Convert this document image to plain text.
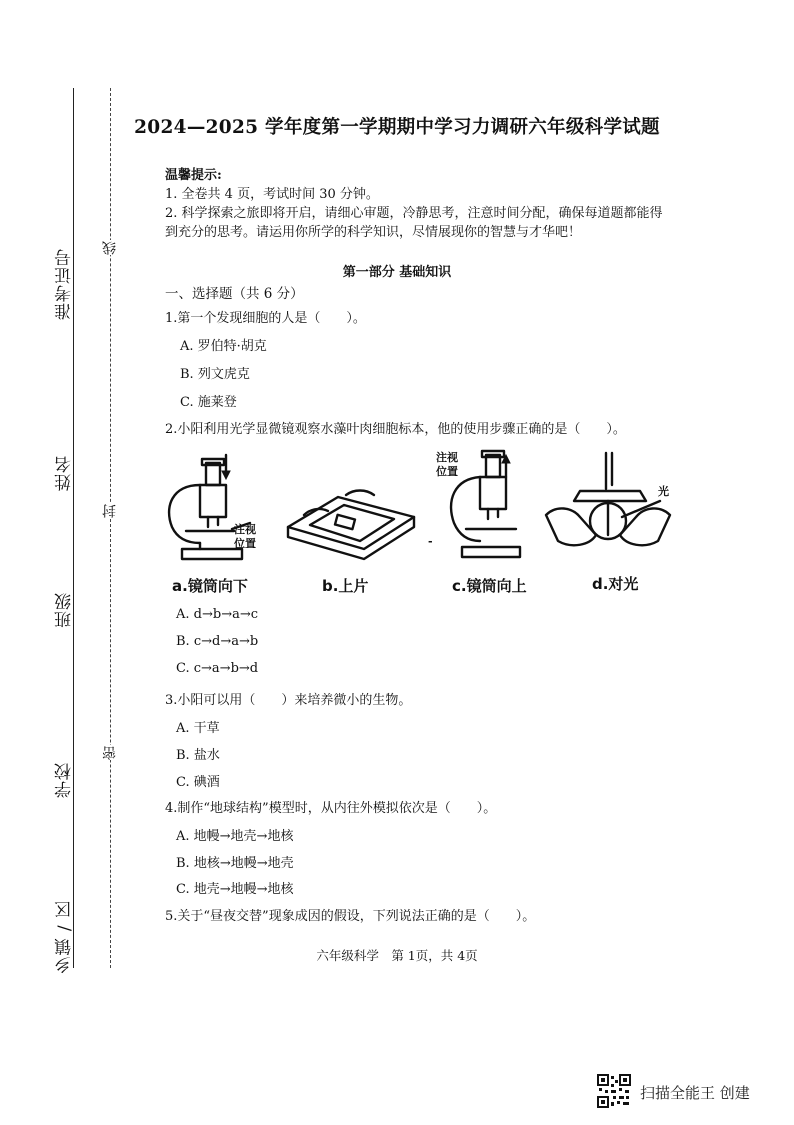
准考证号
姓名
班级
学校
乡镇 / 区
线
封
密
2024—2025 学年度第一学期期中学习力调研六年级科学试题
温馨提示:
1. 全卷共 4 页，考试时间 30 分钟。
2. 科学探索之旅即将开启，请细心审题，冷静思考，注意时间分配，确保每道题都能得
到充分的思考。请运用你所学的科学知识，尽情展现你的智慧与才华吧！
第一部分 基础知识
一、选择题（共 6 分）
1.第一个发现细胞的人是（　　）。
A. 罗伯特·胡克
B. 列文虎克
C. 施莱登
2.小阳利用光学显微镜观察水藻叶肉细胞标本，他的使用步骤正确的是（　　）。
注视
位置	-
注视
位置
光
a.镜筒向下	b.上片	c.镜筒向上	d.对光
A. d→b→a→c
B. c→d→a→b
C. c→a→b→d
3.小阳可以用（　　）来培养微小的生物。
A. 干草
B. 盐水
C. 碘酒
4.制作“地球结构”模型时，从内往外模拟依次是（　　）。
A. 地幔→地壳→地核
B. 地核→地幔→地壳
C. 地壳→地幔→地核
5.关于“昼夜交替”现象成因的假设，下列说法正确的是（　　）。
六年级科学　第 1页，共 4页
扫描全能王 创建
